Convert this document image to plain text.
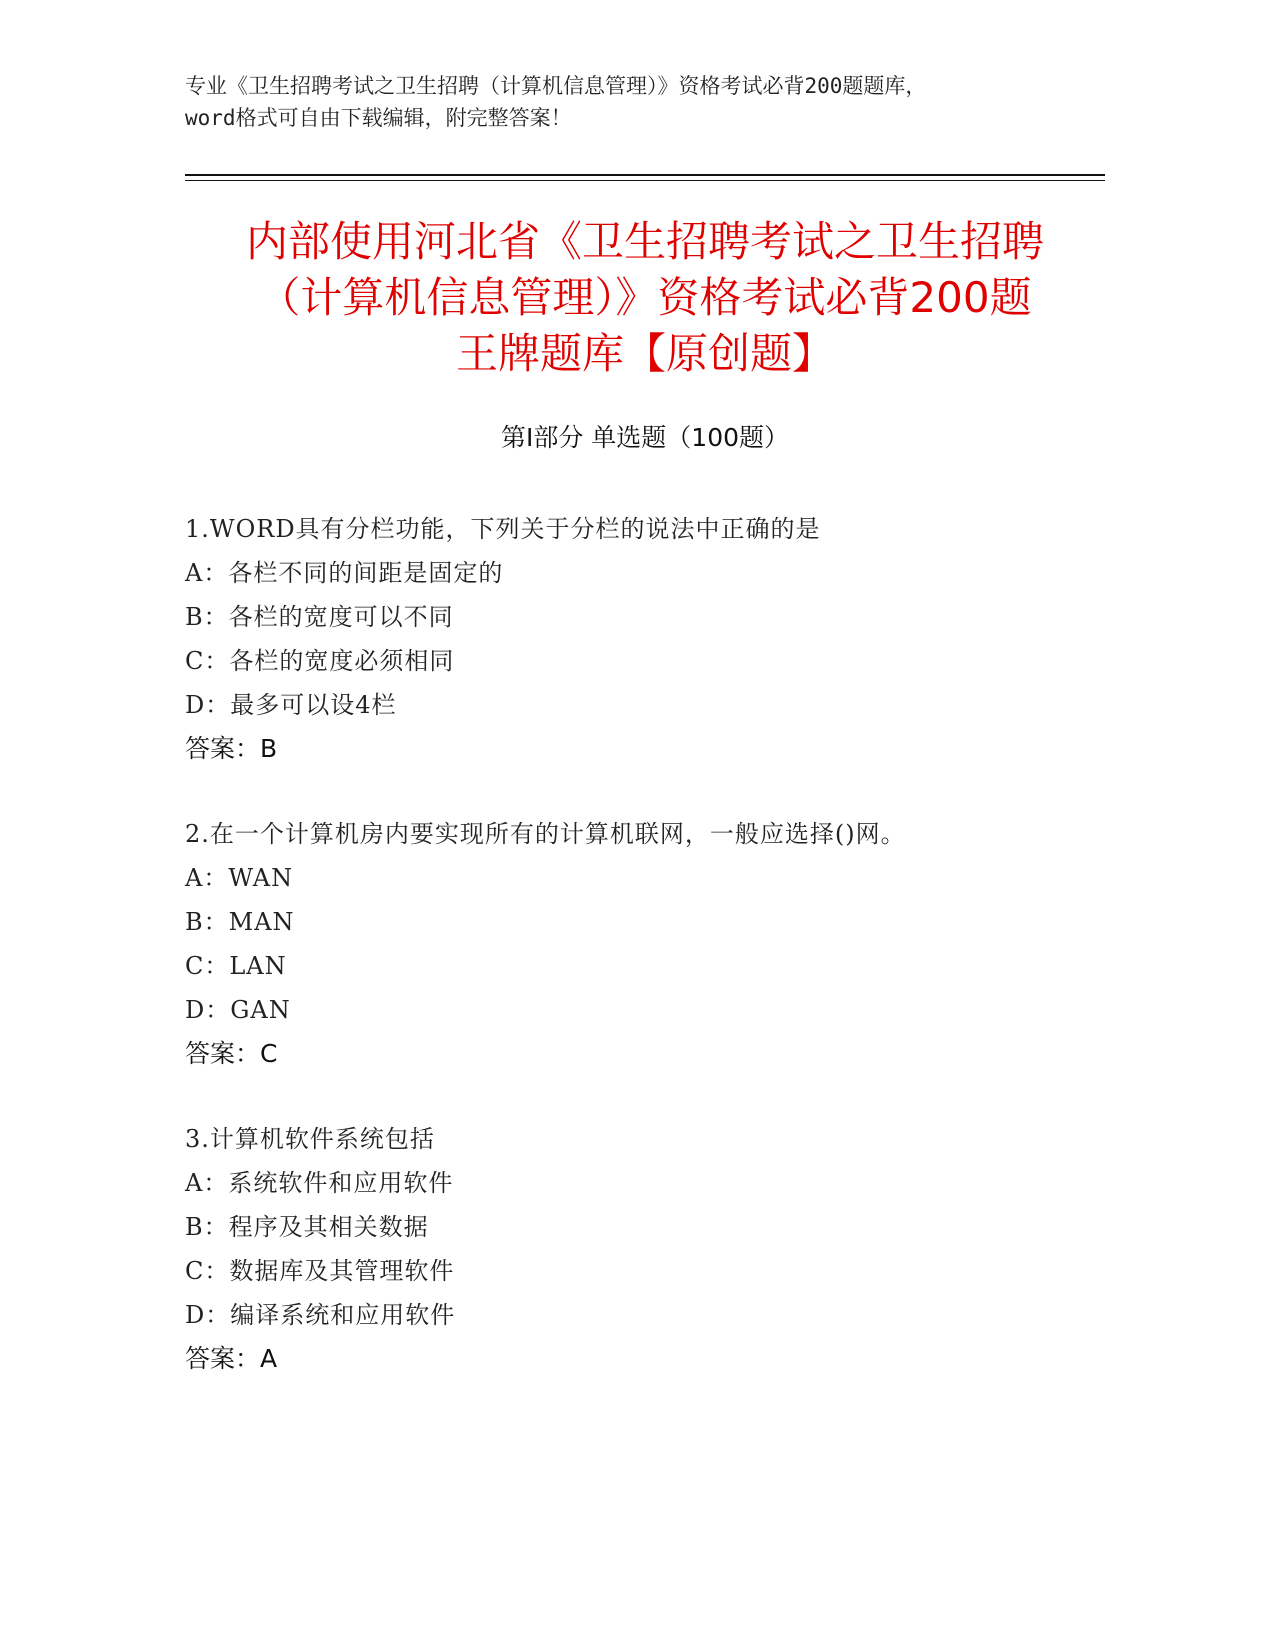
专业《卫生招聘考试之卫生招聘（计算机信息管理）》资格考试必背200题题库，
word格式可自由下载编辑，附完整答案！
内部使用河北省《卫生招聘考试之卫生招聘
（计算机信息管理）》资格考试必背200题
王牌题库【原创题】
第Ⅰ部分 单选题（100题）
1.WORD具有分栏功能，下列关于分栏的说法中正确的是
A：各栏不同的间距是固定的
B：各栏的宽度可以不同
C：各栏的宽度必须相同
D：最多可以设4栏
答案：B
2.在一个计算机房内要实现所有的计算机联网，一般应选择()网。
A：WAN
B：MAN
C：LAN
D：GAN
答案：C
3.计算机软件系统包括
A：系统软件和应用软件
B：程序及其相关数据
C：数据库及其管理软件
D：编译系统和应用软件
答案：A
